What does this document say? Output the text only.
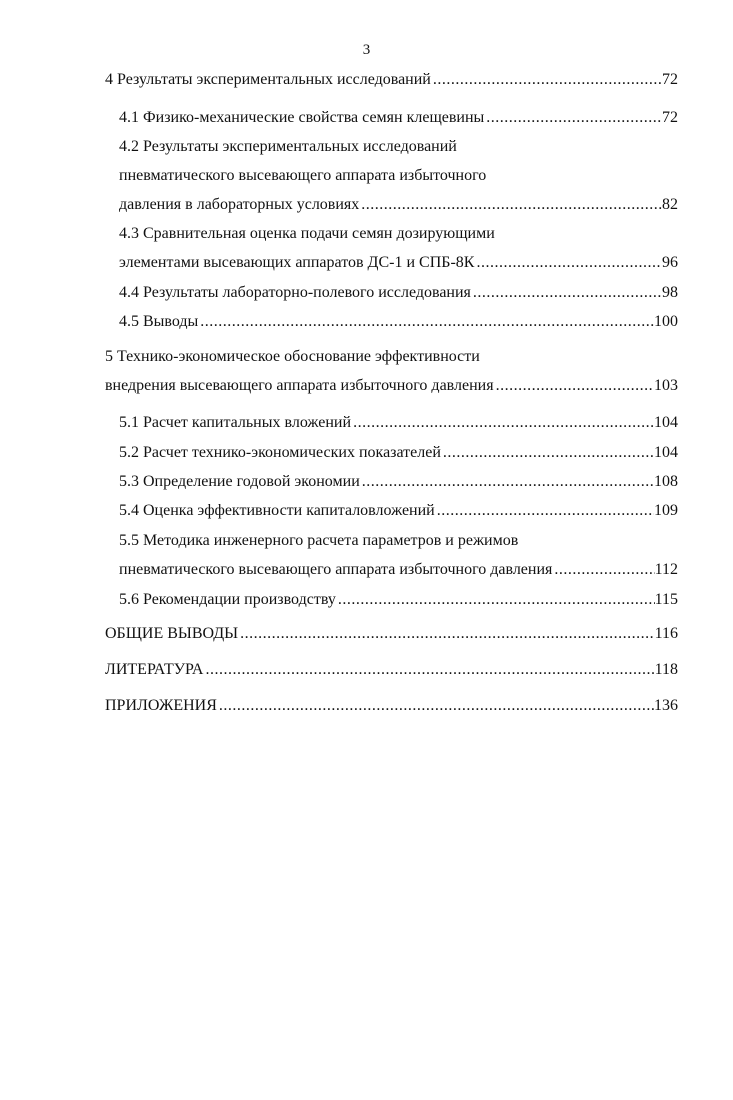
3
4 Результаты экспериментальных исследований .....	72
4.1 Физико-механические свойства семян клещевины .....	72
4.2 Результаты экспериментальных исследований
пневматического высевающего аппарата избыточного
давления в лабораторных условиях .....	82
4.3 Сравнительная оценка подачи семян дозирующими
элементами высевающих аппаратов ДС-1 и СПБ-8К .....	96
4.4 Результаты лабораторно-полевого исследования .....	98
4.5 Выводы .....	100
5 Технико-экономическое обоснование эффективности
внедрения высевающего аппарата избыточного давления .....	103
5.1 Расчет капитальных вложений .....	104
5.2 Расчет технико-экономических показателей .....	104
5.3 Определение годовой экономии .....	108
5.4 Оценка эффективности капиталовложений .....	109
5.5 Методика инженерного расчета параметров и режимов
пневматического высевающего аппарата избыточного давления .....	112
5.6 Рекомендации производству .....	115
ОБЩИЕ ВЫВОДЫ .....	116
ЛИТЕРАТУРА .....	118
ПРИЛОЖЕНИЯ .....	136
